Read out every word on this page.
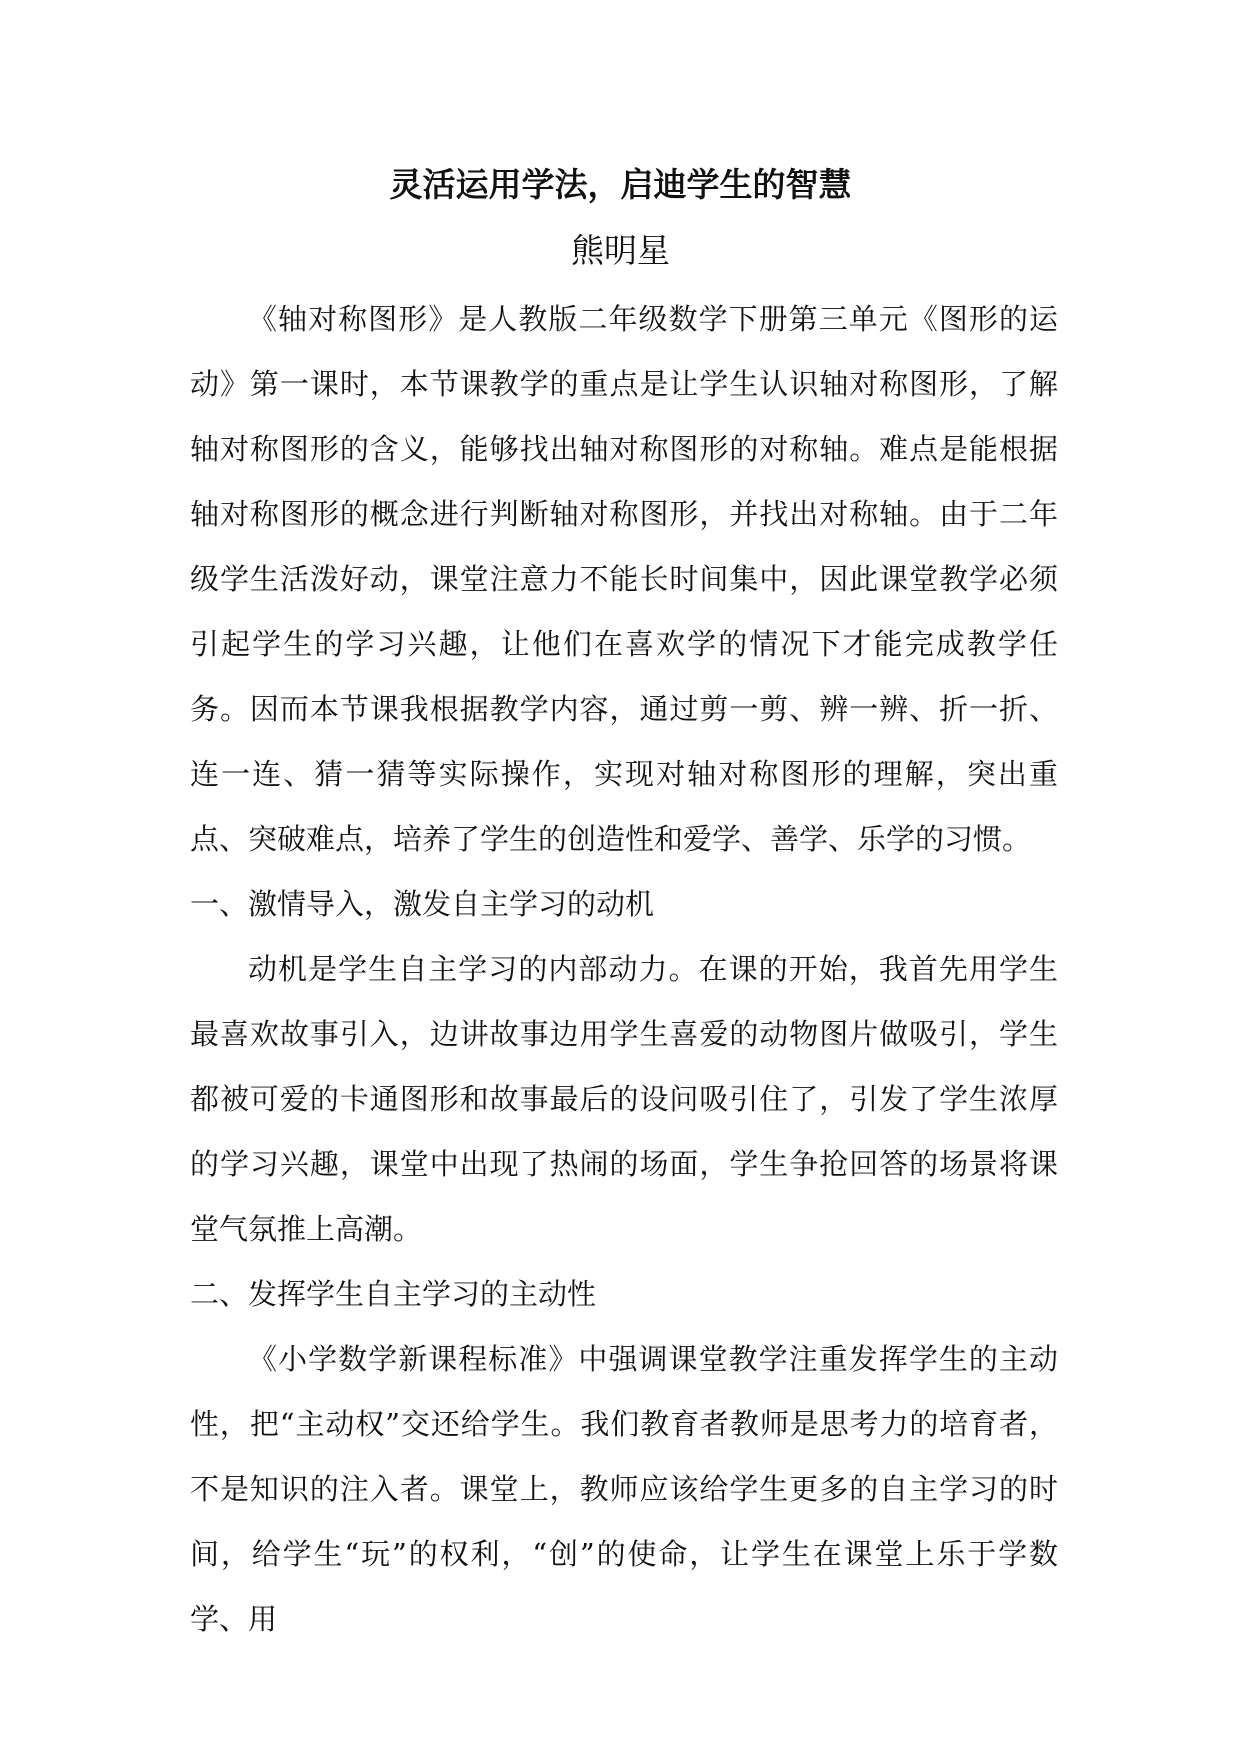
灵活运用学法，启迪学生的智慧
熊明星

《轴对称图形》是人教版二年级数学下册第三单元《图形的运动》第一课时，本节课教学的重点是让学生认识轴对称图形，了解轴对称图形的含义，能够找出轴对称图形的对称轴。难点是能根据轴对称图形的概念进行判断轴对称图形，并找出对称轴。由于二年级学生活泼好动，课堂注意力不能长时间集中，因此课堂教学必须引起学生的学习兴趣，让他们在喜欢学的情况下才能完成教学任务。因而本节课我根据教学内容，通过剪一剪、辨一辨、折一折、连一连、猜一猜等实际操作，实现对轴对称图形的理解，突出重点、突破难点，培养了学生的创造性和爱学、善学、乐学的习惯。

一、激情导入，激发自主学习的动机

动机是学生自主学习的内部动力。在课的开始，我首先用学生最喜欢故事引入，边讲故事边用学生喜爱的动物图片做吸引，学生都被可爱的卡通图形和故事最后的设问吸引住了，引发了学生浓厚的学习兴趣，课堂中出现了热闹的场面，学生争抢回答的场景将课堂气氛推上高潮。

二、发挥学生自主学习的主动性

《小学数学新课程标准》中强调课堂教学注重发挥学生的主动性，把“主动权”交还给学生。我们教育者教师是思考力的培育者，不是知识的注入者。课堂上，教师应该给学生更多的自主学习的时间，给学生“玩”的权利，“创”的使命，让学生在课堂上乐于学数学、用
